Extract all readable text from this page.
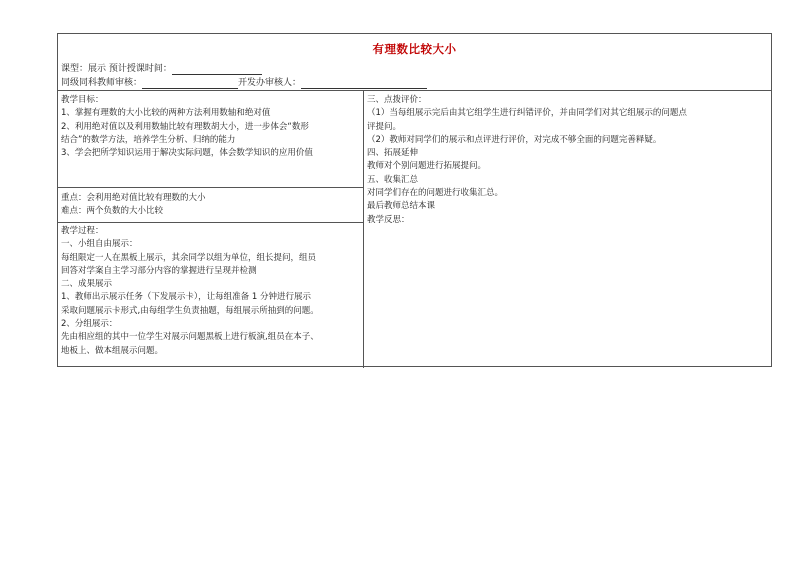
有理数比较大小
课型：展示 预计授课时间：
同级同科教师审核：	开发办审核人：

教学目标：

1、掌握有理数的大小比较的两种方法利用数轴和绝对值

2、利用绝对值以及利用数轴比较有理数胡大小，进一步体会“数形

结合”的数学方法，培养学生分析、归纳的能力

3、学会把所学知识运用于解决实际问题，体会数学知识的应用价值

重点：会利用绝对值比较有理数的大小

难点：两个负数的大小比较

教学过程：

一、小组自由展示：

每组限定一人在黑板上展示，其余同学以组为单位，组长提问，组员

回答对学案自主学习部分内容的掌握进行呈现并检测

二、成果展示

1、教师出示展示任务（下发展示卡），让每组准备 1 分钟进行展示

采取问题展示卡形式,由每组学生负责抽题，每组展示所抽到的问题。

2、分组展示：

先由相应组的其中一位学生对展示问题黑板上进行板演,组员在本子、

地板上、做本组展示问题。

三、点拨评价：

（1）当每组展示完后由其它组学生进行纠错评价，并由同学们对其它组展示的问题点

评提问。

（2）教师对同学们的展示和点评进行评价，对完成不够全面的问题完善释疑。

四、拓展延伸

教师对个别问题进行拓展提问。

五、收集汇总

对同学们存在的问题进行收集汇总。

最后教师总结本课

教学反思：
